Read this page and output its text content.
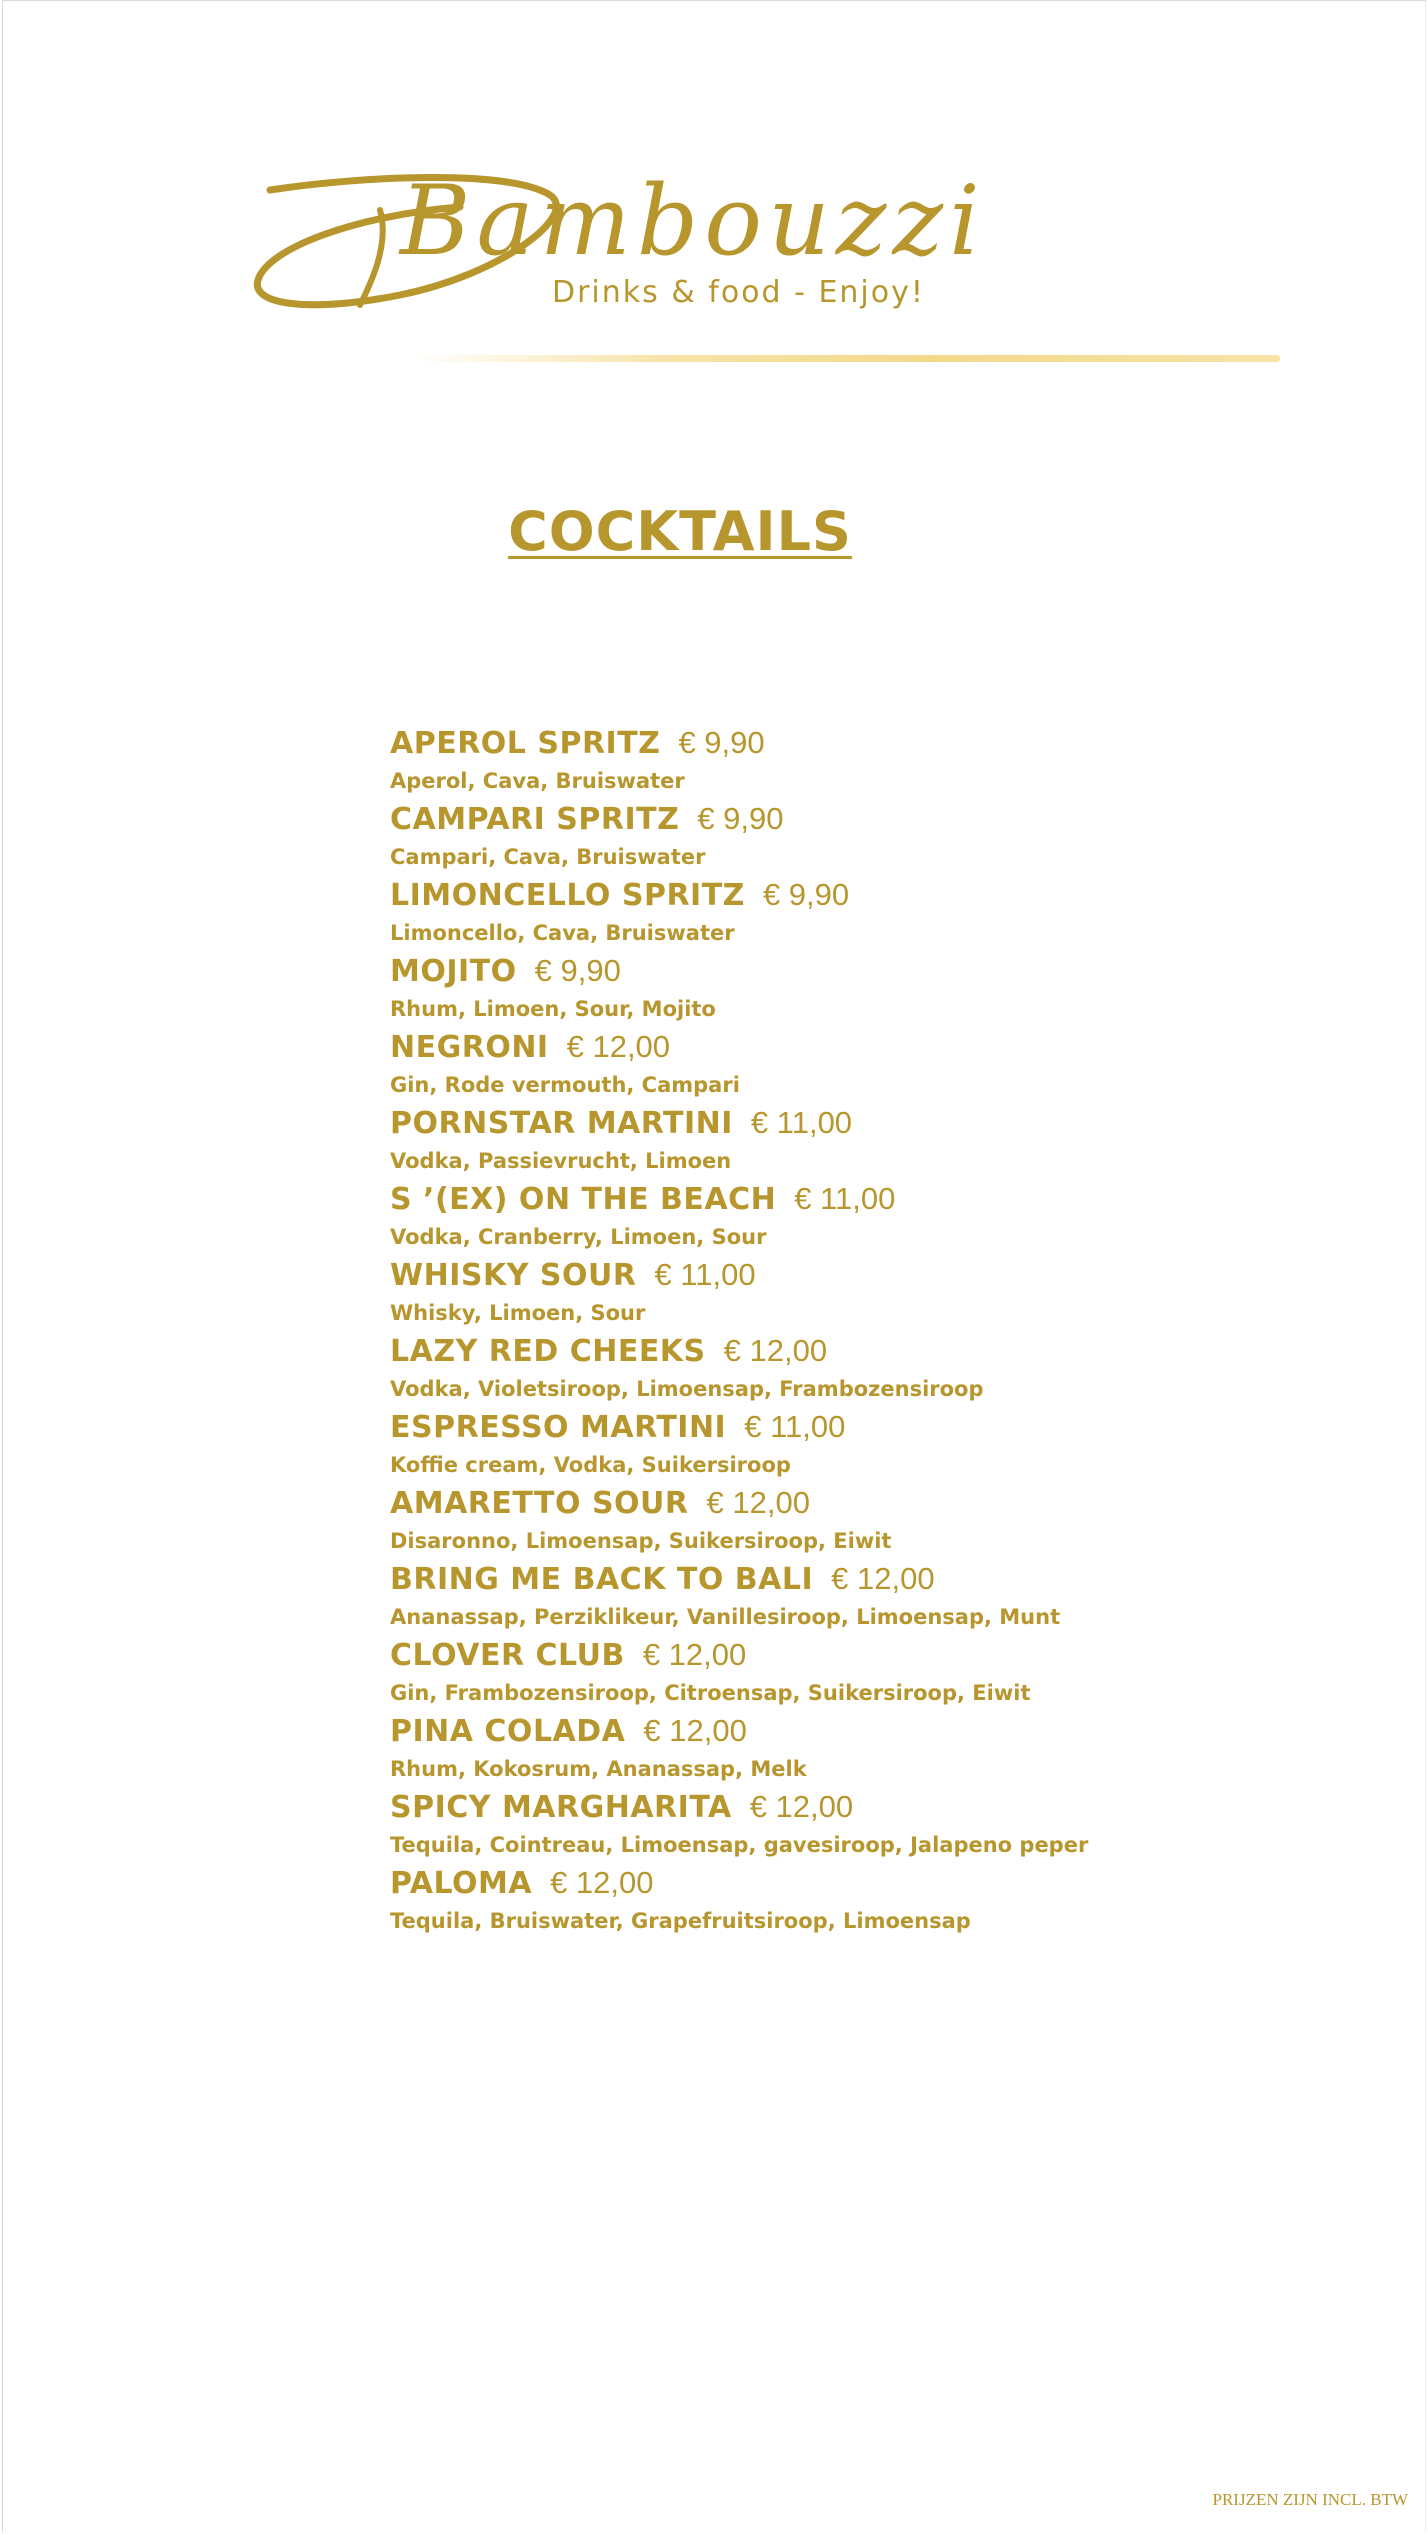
Bambouzzi
Drinks & food - Enjoy!
COCKTAILS
APEROL SPRITZ € 9,90
Aperol, Cava, Bruiswater
CAMPARI SPRITZ € 9,90
Campari, Cava, Bruiswater
LIMONCELLO SPRITZ € 9,90
Limoncello, Cava, Bruiswater
MOJITO € 9,90
Rhum, Limoen, Sour, Mojito
NEGRONI € 12,00
Gin, Rode vermouth, Campari
PORNSTAR MARTINI € 11,00
Vodka, Passievrucht, Limoen
S ’(EX) ON THE BEACH € 11,00
Vodka, Cranberry, Limoen, Sour
WHISKY SOUR € 11,00
Whisky, Limoen, Sour
LAZY RED CHEEKS € 12,00
Vodka, Violetsiroop, Limoensap, Frambozensiroop
ESPRESSO MARTINI € 11,00
Koffie cream, Vodka, Suikersiroop
AMARETTO SOUR € 12,00
Disaronno, Limoensap, Suikersiroop, Eiwit
BRING ME BACK TO BALI € 12,00
Ananassap, Perziklikeur, Vanillesiroop, Limoensap, Munt
CLOVER CLUB € 12,00
Gin, Frambozensiroop, Citroensap, Suikersiroop, Eiwit
PINA COLADA € 12,00
Rhum, Kokosrum, Ananassap, Melk
SPICY MARGHARITA € 12,00
Tequila, Cointreau, Limoensap, gavesiroop, Jalapeno peper
PALOMA € 12,00
Tequila, Bruiswater, Grapefruitsiroop, Limoensap
PRIJZEN ZIJN INCL. BTW
